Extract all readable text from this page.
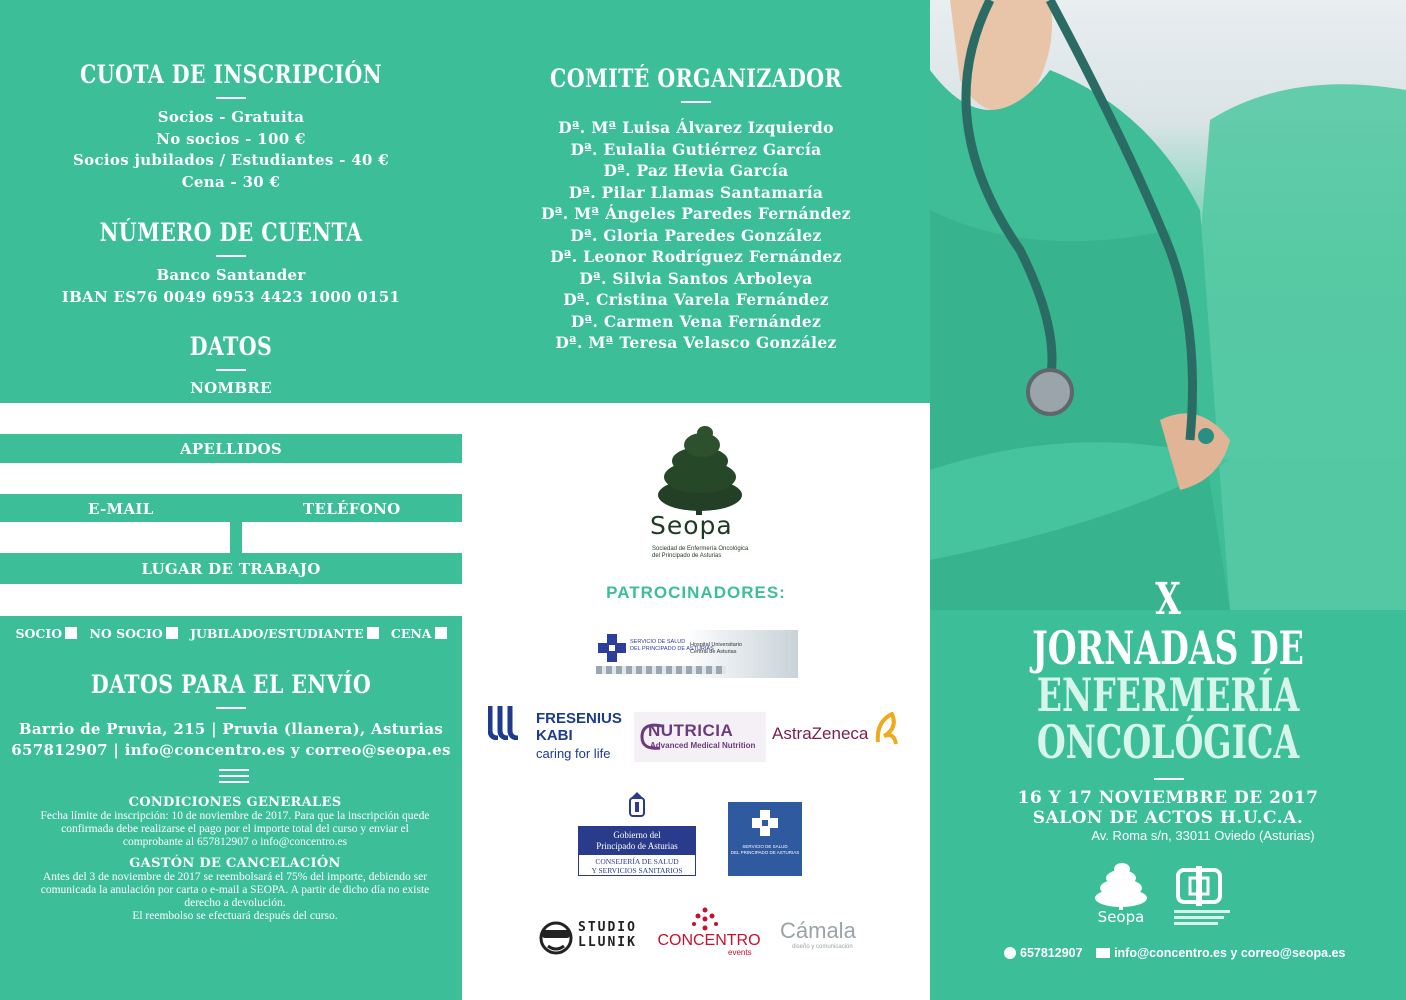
CUOTA DE INSCRIPCIÓN
Socios - Gratuita
No socios - 100 €
Socios jubilados / Estudiantes - 40 €
Cena - 30 €
NÚMERO DE CUENTA
Banco Santander
IBAN ES76 0049 6953 4423 1000 0151
DATOS
NOMBRE
APELLIDOS
E-MAIL	TELÉFONO
LUGAR DE TRABAJO
SOCIO NO SOCIO JUBILADO/ESTUDIANTE CENA
DATOS PARA EL ENVÍO
Barrio de Pruvia, 215 | Pruvia (llanera), Asturias
657812907 | info@concentro.es y correo@seopa.es
CONDICIONES GENERALES
Fecha límite de inscripción: 10 de noviembre de 2017. Para que la inscripción quede confirmada debe realizarse el pago por el importe total del curso y enviar el comprobante al 657812907 o info@concentro.es
GASTÓN DE CANCELACIÓN
Antes del 3 de noviembre de 2017 se reembolsará el 75% del importe, debiendo ser comunicada la anulación por carta o e-mail a SEOPA. A partir de dicho día no existe derecho a devolución.
El reembolso se efectuará después del curso.
COMITÉ ORGANIZADOR
Dª. Mª Luisa Álvarez Izquierdo
Dª. Eulalia Gutiérrez García
Dª. Paz Hevia García
Dª. Pilar Llamas Santamaría
Dª. Mª Ángeles Paredes Fernández
Dª. Gloria Paredes González
Dª. Leonor Rodríguez Fernández
Dª. Silvia Santos Arboleya
Dª. Cristina Varela Fernández
Dª. Carmen Vena Fernández
Dª. Mª Teresa Velasco González
Seopa
Sociedad de Enfermería Oncológica
del Principado de Asturias
PATROCINADORES:
SERVICIO DE SALUD
DEL PRINCIPADO DE ASTURIAS
Hospital Universitario
Central de Asturias
FRESENIUS
KABI
caring for life
NUTRICIA
Advanced Medical Nutrition
AstraZeneca
Gobierno del
Principado de Asturias
CONSEJERÍA DE SALUD
Y SERVICIOS SANITARIOS
SERVICIO DE SALUD
DEL PRINCIPADO DE ASTURIAS
STUDIO
LLUNIK CONCENTRO
events
Cámala
diseño y comunicación
X
JORNADAS DE
ENFERMERÍA
ONCOLÓGICA
16 Y 17 NOVIEMBRE DE 2017
SALON DE ACTOS H.U.C.A.
Av. Roma s/n, 33011 Oviedo (Asturias)
Seopa
657812907	info@concentro.es y correo@seopa.es
